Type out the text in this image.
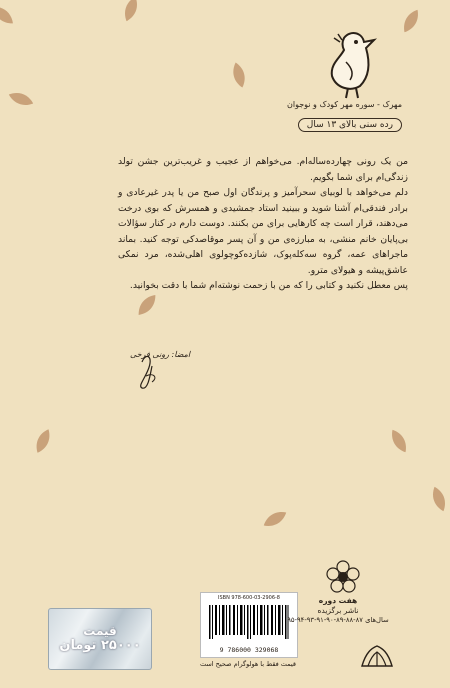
مهرک - سوره مهر کودک و نوجوان
رده سنی بالای ۱۳ سال

من یک رونی چهارده‌ساله‌ام. می‌خواهم از عجیب و غریب‌ترین جشن تولد زندگی‌ام برای شما بگویم.

دلم می‌خواهد با لوبیای سحرآمیز و پرندگان اول صبح من یا پدر غیرعادی و برادر فندقی‌ام آشنا شوید و ببینید استاد جمشیدی و همسرش که بوی درخت می‌دهند، قرار است چه کارهایی برای من بکنند. دوست دارم در کنار سؤالات بی‌پایان خانم منشی، به مبارزه‌ی من و آن پسر موقاصدکی توجه کنید. بماند ماجراهای عمه، گروه سه‌کله‌پوک، شازده‌کوچولوی اهلی‌شده، مرد نمکی عاشق‌پیشه و هیولای مترو.

پس معطل نکنید و کتابی را که من با زحمت نوشته‌ام شما با دقت بخوانید.

امضا: رونی فرخی
قیمت
۲۵۰۰۰ تومان
ISBN 978-600-03-2906-8
9 786000 329068
قیمت فقط با هولوگرام صحیح است
هفت دوره
ناشر برگزیده
سال‌های ۸۷-۸۸-۸۹-۹۰-۹۱-۹۳-۹۴-۹۵
